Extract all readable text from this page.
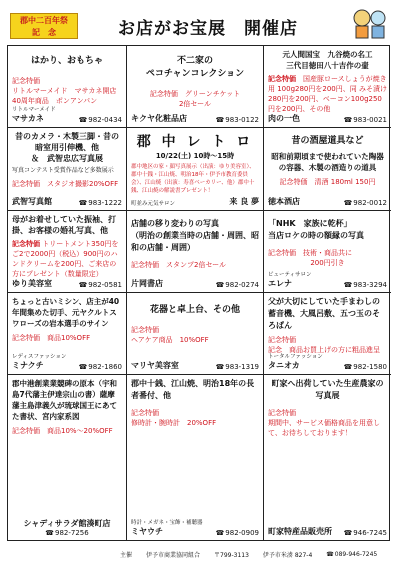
郡中二百年祭
記　念	お店がお宝展　開催店
はかり、おもちゃ
記念特価
リトルマーメイド　マサカネ開店40周年商品　ポンアンパン
リトルマーメイド
マサカネ	☎ 982-0434
不二家の
ペコチャンコレクション
記念特価　グリーンチケット
2倍セール
キクヤ化粧品店	☎ 983-0122
元人間国宝　九谷焼の名工
三代目徳田八十吉作の壷
記念特価　 国産豚ロースしょうが焼き用 100g280円を200円、同 みそ漬け280円を200円、ベーコン100g250円を200円、その他
肉の一色	☎ 983-0021
昔のカメラ・木製三脚・昔の暗室用引伸機、他
＆　武智忠広写真展
写真コンテスト受賞作品など多数展示
記念特価　スタジオ撮影20%OFF
武智写真館	☎ 983-1222
郡 中 レ ト ロ
10/22(土) 10時～15時
郡中地区の家・顔写真展示（出演：ゆり美容室）、郡中十銭・江山焼、明治18年・伊予市教育委員会）、江山焼（出演：寿喜ベーカリー、他）郡中十銭、江山焼の解説書プレゼント！
町並み元気サロン	来 良 夢
昔の酒屋道具など
昭和前期頃まで使われていた陶器の容器、木製の酒造りの道具
記念特価　清酒 180ml 150円
徳本酒店	☎ 982-0012
母がお着せしていた振袖、打掛、お客様の婚礼写真、他
記念特価 トリートメント350円をご2で2000円（税込）900円のハンドクリームを200円、ご来店の方にプレゼント（数量限定）
ゆり美容室	☎ 982-0581
店舗の移り変わりの写真
（明治の創業当時の店舗・周囲、昭和の店舗・周囲）
記念特価　スタンプ2倍セール
片岡書店	☎ 982-0274
「NHK　家族に乾杯」
当店ロケの時の額縁の写真
記念特価　技術・商品共に
200円引き
ビューティサロン
エレナ	☎ 983-3294
ちょっと古いミシン、店主が40年間集めた切手、元ヤクルトスワローズの岩本選手のサイン
記念特価　商品10%OFF
レディスファッション
ミナクチ	☎ 982-1860
花器と卓上台、その他
記念特価
ヘアケア商品　10%OFF
マリヤ美容室	☎ 983-1319
父が大切にしていた手まわしの蓄音機、大風呂敷、五つ玉のそろばん
記念特価
記念　商品お買上げの方に粗品進呈
トータルファッション
タニオカ	☎ 982-1580
郡中港創業業競碑の原本（宇和島7代藩主伊達宗山の書）薩摩藩主島津義久が琉球国王にあてた書状、宮内家系図
記念特価　商品10%～20%OFF
シャディサラダ館湊町店
☎ 982-7256
郡中十銭、江山焼、明治18年の長者番付、他
記念特価
修時計・腕時計　20%OFF
時計・メガネ・宝飾・補聴器
ミヤウチ	☎ 982-0909
町家へ出荷していた生産農家の写真展
記念特価
期間中、サービス価格商品を用意して、お待ちしております！
町家特産品販売所	☎ 946-7245
主催 伊予市商業協同組合 〒799-3113 伊予市米湊 827-4	☎ 089-946-7245
